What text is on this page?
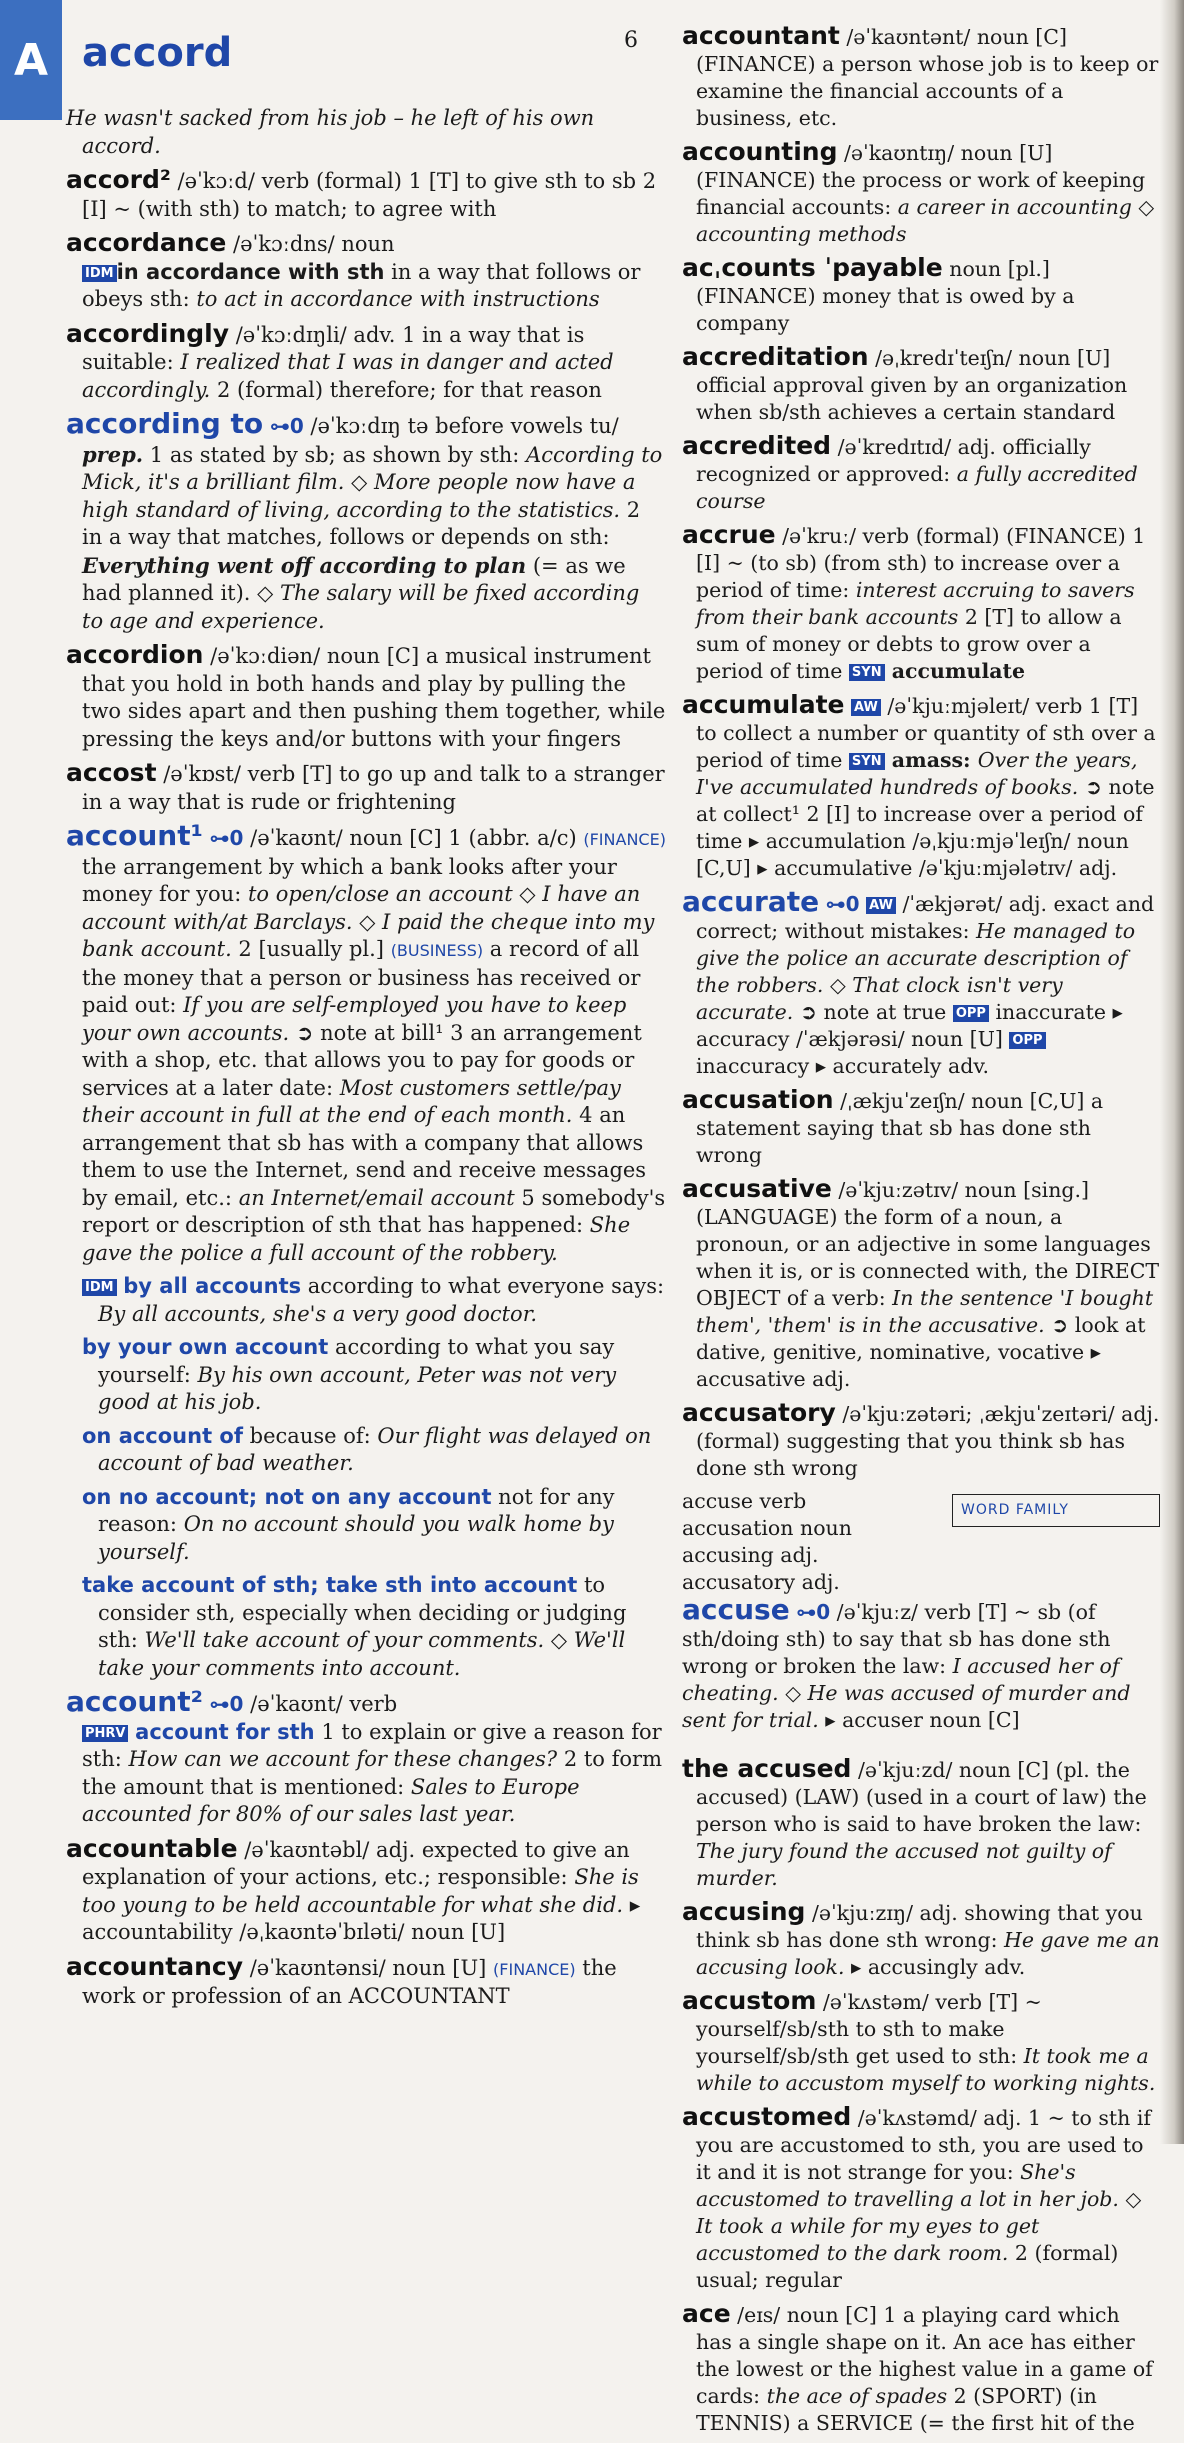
A accord	6

He wasn't sacked from his job – he left of his own accord.

accord² /əˈkɔːd/ verb (formal) 1 [T] to give sth to sb 2 [I] ~ (with sth) to match; to agree with

accordance /əˈkɔːdns/ noun
IDM in accordance with sth in a way that follows or obeys sth: to act in accordance with instructions

accordingly /əˈkɔːdɪŋli/ adv. 1 in a way that is suitable: I realized that I was in danger and acted accordingly. 2 (formal) therefore; for that reason

according to ⊶0 /əˈkɔːdɪŋ tə before vowels tu/ prep. 1 as stated by sb; as shown by sth: According to Mick, it's a brilliant film. ◇ More people now have a high standard of living, according to the statistics. 2 in a way that matches, follows or depends on sth: Everything went off according to plan (= as we had planned it). ◇ The salary will be fixed according to age and experience.

accordion /əˈkɔːdiən/ noun [C] a musical instrument that you hold in both hands and play by pulling the two sides apart and then pushing them together, while pressing the keys and/or buttons with your fingers

accost /əˈkɒst/ verb [T] to go up and talk to a stranger in a way that is rude or frightening

account¹ ⊶0 /əˈkaʊnt/ noun [C] 1 (abbr. a/c) (FINANCE) the arrangement by which a bank looks after your money for you: to open/close an account ◇ I have an account with/at Barclays. ◇ I paid the cheque into my bank account. 2 [usually pl.] (BUSINESS) a record of all the money that a person or business has received or paid out: If you are self-employed you have to keep your own accounts. ➲ note at bill¹ 3 an arrangement with a shop, etc. that allows you to pay for goods or services at a later date: Most customers settle/pay their account in full at the end of each month. 4 an arrangement that sb has with a company that allows them to use the Internet, send and receive messages by email, etc.: an Internet/email account 5 somebody's report or description of sth that has happened: She gave the police a full account of the robbery.

IDM by all accounts according to what everyone says: By all accounts, she's a very good doctor.

by your own account according to what you say yourself: By his own account, Peter was not very good at his job.

on account of because of: Our flight was delayed on account of bad weather.

on no account; not on any account not for any reason: On no account should you walk home by yourself.

take account of sth; take sth into account to consider sth, especially when deciding or judging sth: We'll take account of your comments. ◇ We'll take your comments into account.

account² ⊶0 /əˈkaʊnt/ verb
PHRV account for sth 1 to explain or give a reason for sth: How can we account for these changes? 2 to form the amount that is mentioned: Sales to Europe accounted for 80% of our sales last year.

accountable /əˈkaʊntəbl/ adj. expected to give an explanation of your actions, etc.; responsible: She is too young to be held accountable for what she did. ▸ accountability /əˌkaʊntəˈbɪləti/ noun [U]

accountancy /əˈkaʊntənsi/ noun [U] (FINANCE) the work or profession of an ACCOUNTANT

accountant /əˈkaʊntənt/ noun [C] (FINANCE) a person whose job is to keep or examine the financial accounts of a business, etc.

accounting /əˈkaʊntɪŋ/ noun [U] (FINANCE) the process or work of keeping financial accounts: a career in accounting ◇ accounting methods

acˌcounts ˈpayable noun [pl.] (FINANCE) money that is owed by a company

accreditation /əˌkredɪˈteɪʃn/ noun [U] official approval given by an organization when sb/sth achieves a certain standard

accredited /əˈkredɪtɪd/ adj. officially recognized or approved: a fully accredited course

accrue /əˈkruː/ verb (formal) (FINANCE) 1 [I] ~ (to sb) (from sth) to increase over a period of time: interest accruing to savers from their bank accounts 2 [T] to allow a sum of money or debts to grow over a period of time SYN accumulate

accumulate AW /əˈkjuːmjəleɪt/ verb 1 [T] to collect a number or quantity of sth over a period of time SYN amass: Over the years, I've accumulated hundreds of books. ➲ note at collect¹ 2 [I] to increase over a period of time ▸ accumulation /əˌkjuːmjəˈleɪʃn/ noun [C,U] ▸ accumulative /əˈkjuːmjələtɪv/ adj.

accurate ⊶0 AW /ˈækjərət/ adj. exact and correct; without mistakes: He managed to give the police an accurate description of the robbers. ◇ That clock isn't very accurate. ➲ note at true OPP inaccurate ▸ accuracy /ˈækjərəsi/ noun [U] OPP inaccuracy ▸ accurately adv.

accusation /ˌækjuˈzeɪʃn/ noun [C,U] a statement saying that sb has done sth wrong

accusative /əˈkjuːzətɪv/ noun [sing.] (LANGUAGE) the form of a noun, a pronoun, or an adjective in some languages when it is, or is connected with, the DIRECT OBJECT of a verb: In the sentence 'I bought them', 'them' is in the accusative. ➲ look at dative, genitive, nominative, vocative ▸ accusative adj.

accusatory /əˈkjuːzətəri; ˌækjuˈzeɪtəri/ adj. (formal) suggesting that you think sb has done sth wrong

WORD FAMILY

accuse verb
accusation noun
accusing adj.
accusatory adj.
accuse ⊶0 /əˈkjuːz/ verb [T] ~ sb (of sth/doing sth) to say that sb has done sth wrong or broken the law: I accused her of cheating. ◇ He was accused of murder and sent for trial. ▸ accuser noun [C]

the accused /əˈkjuːzd/ noun [C] (pl. the accused) (LAW) (used in a court of law) the person who is said to have broken the law: The jury found the accused not guilty of murder.

accusing /əˈkjuːzɪŋ/ adj. showing that you think sb has done sth wrong: He gave me an accusing look. ▸ accusingly adv.

accustom /əˈkʌstəm/ verb [T] ~ yourself/sb/sth to sth to make yourself/sb/sth get used to sth: It took me a while to accustom myself to working nights.

accustomed /əˈkʌstəmd/ adj. 1 ~ to sth if you are accustomed to sth, you are used to it and it is not strange for you: She's accustomed to travelling a lot in her job. ◇ It took a while for my eyes to get accustomed to the dark room. 2 (formal) usual; regular

ace /eɪs/ noun [C] 1 a playing card which has a single shape on it. An ace has either the lowest or the highest value in a game of cards: the ace of spades 2 (SPORT) (in TENNIS) a SERVICE (= the first hit of the
